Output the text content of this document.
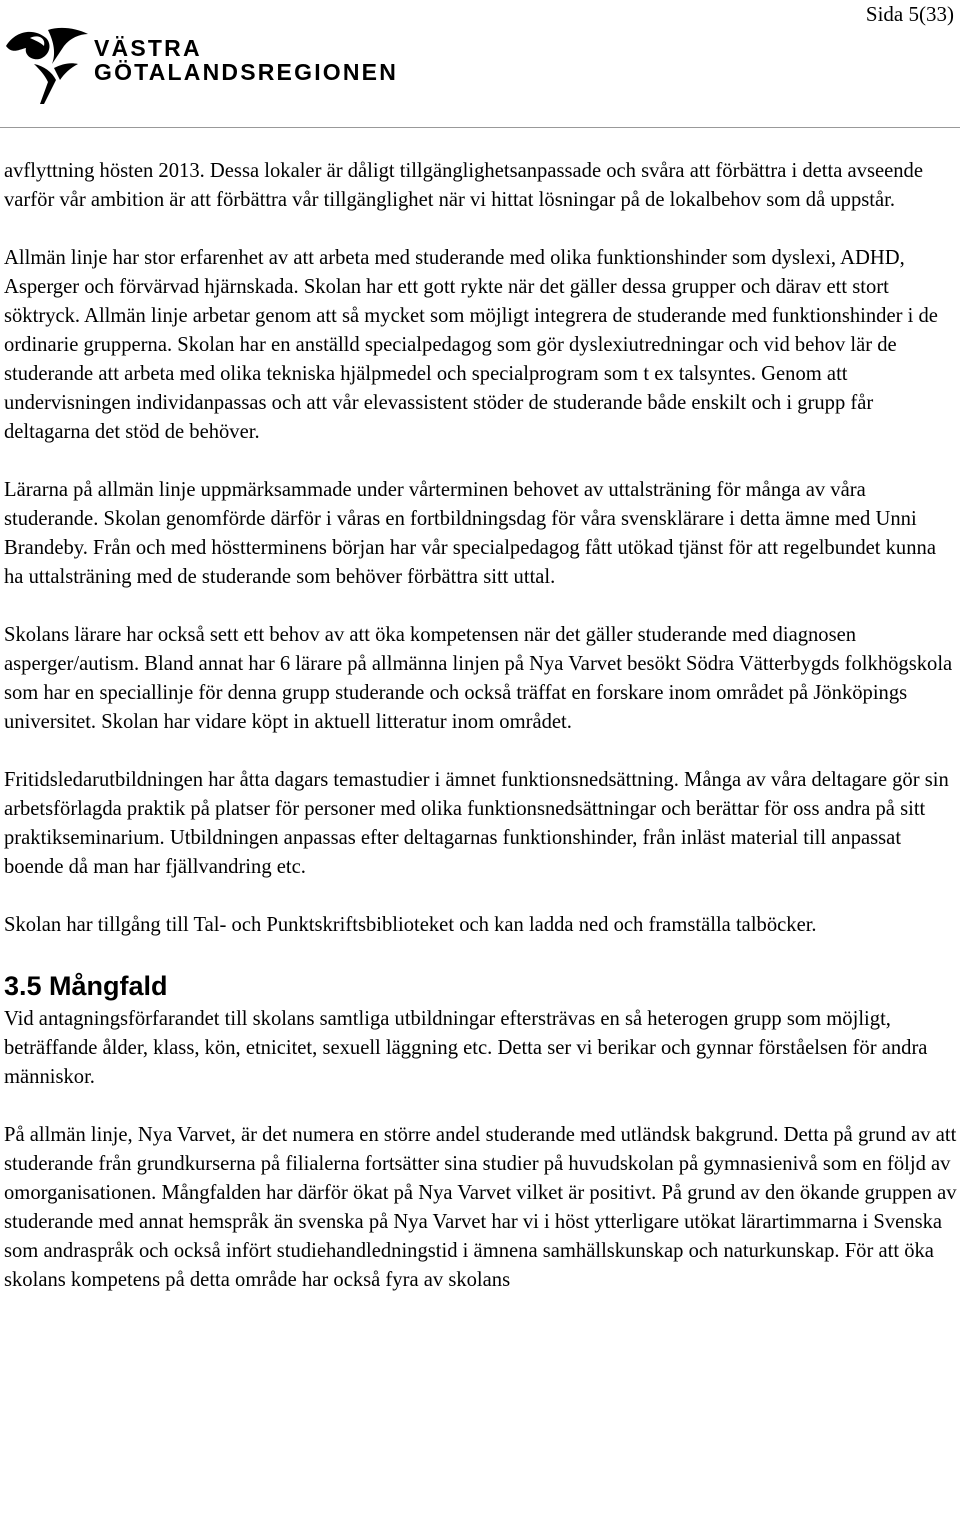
Sida 5(33)
VÄSTRA
GÖTALANDSREGIONEN

avflyttning hösten 2013. Dessa lokaler är dåligt tillgänglighetsanpassade och svåra att förbättra i detta avseende varför vår ambition är att förbättra vår tillgänglighet när vi hittat lösningar på de lokalbehov som då uppstår.

Allmän linje har stor erfarenhet av att arbeta med studerande med olika funktionshinder som dyslexi, ADHD, Asperger och förvärvad hjärnskada. Skolan har ett gott rykte när det gäller dessa grupper och därav ett stort söktryck. Allmän linje arbetar genom att så mycket som möjligt integrera de studerande med funktionshinder i de ordinarie grupperna. Skolan har en anställd specialpedagog som gör dyslexiutredningar och vid behov lär de studerande att arbeta med olika tekniska hjälpmedel och specialprogram som t ex talsyntes. Genom att undervisningen individanpassas och att vår elevassistent stöder de studerande både enskilt och i grupp får deltagarna det stöd de behöver.

Lärarna på allmän linje uppmärksammade under vårterminen behovet av uttalsträning för många av våra studerande. Skolan genomförde därför i våras en fortbildningsdag för våra svensklärare i detta ämne med Unni Brandeby. Från och med höstterminens början har vår specialpedagog fått utökad tjänst för att regelbundet kunna ha uttalsträning med de studerande som behöver förbättra sitt uttal.

Skolans lärare har också sett ett behov av att öka kompetensen när det gäller studerande med diagnosen asperger/autism. Bland annat har 6 lärare på allmänna linjen på Nya Varvet besökt Södra Vätterbygds folkhögskola som har en speciallinje för denna grupp studerande och också träffat en forskare inom området på Jönköpings universitet. Skolan har vidare köpt in aktuell litteratur inom området.

Fritidsledarutbildningen har åtta dagars temastudier i ämnet funktionsnedsättning. Många av våra deltagare gör sin arbetsförlagda praktik på platser för personer med olika funktionsnedsättningar och berättar för oss andra på sitt praktikseminarium. Utbildningen anpassas efter deltagarnas funktionshinder, från inläst material till anpassat boende då man har fjällvandring etc.

Skolan har tillgång till Tal- och Punktskriftsbiblioteket och kan ladda ned och framställa talböcker.

3.5 Mångfald

Vid antagningsförfarandet till skolans samtliga utbildningar eftersträvas en så heterogen grupp som möjligt, beträffande ålder, klass, kön, etnicitet, sexuell läggning etc. Detta ser vi berikar och gynnar förståelsen för andra människor.

På allmän linje, Nya Varvet, är det numera en större andel studerande med utländsk bakgrund. Detta på grund av att studerande från grundkurserna på filialerna fortsätter sina studier på huvudskolan på gymnasienivå som en följd av omorganisationen. Mångfalden har därför ökat på Nya Varvet vilket är positivt. På grund av den ökande gruppen av studerande med annat hemspråk än svenska på Nya Varvet har vi i höst ytterligare utökat lärartimmarna i Svenska som andraspråk och också infört studiehandledningstid i ämnena samhällskunskap och naturkunskap. För att öka skolans kompetens på detta område har också fyra av skolans
